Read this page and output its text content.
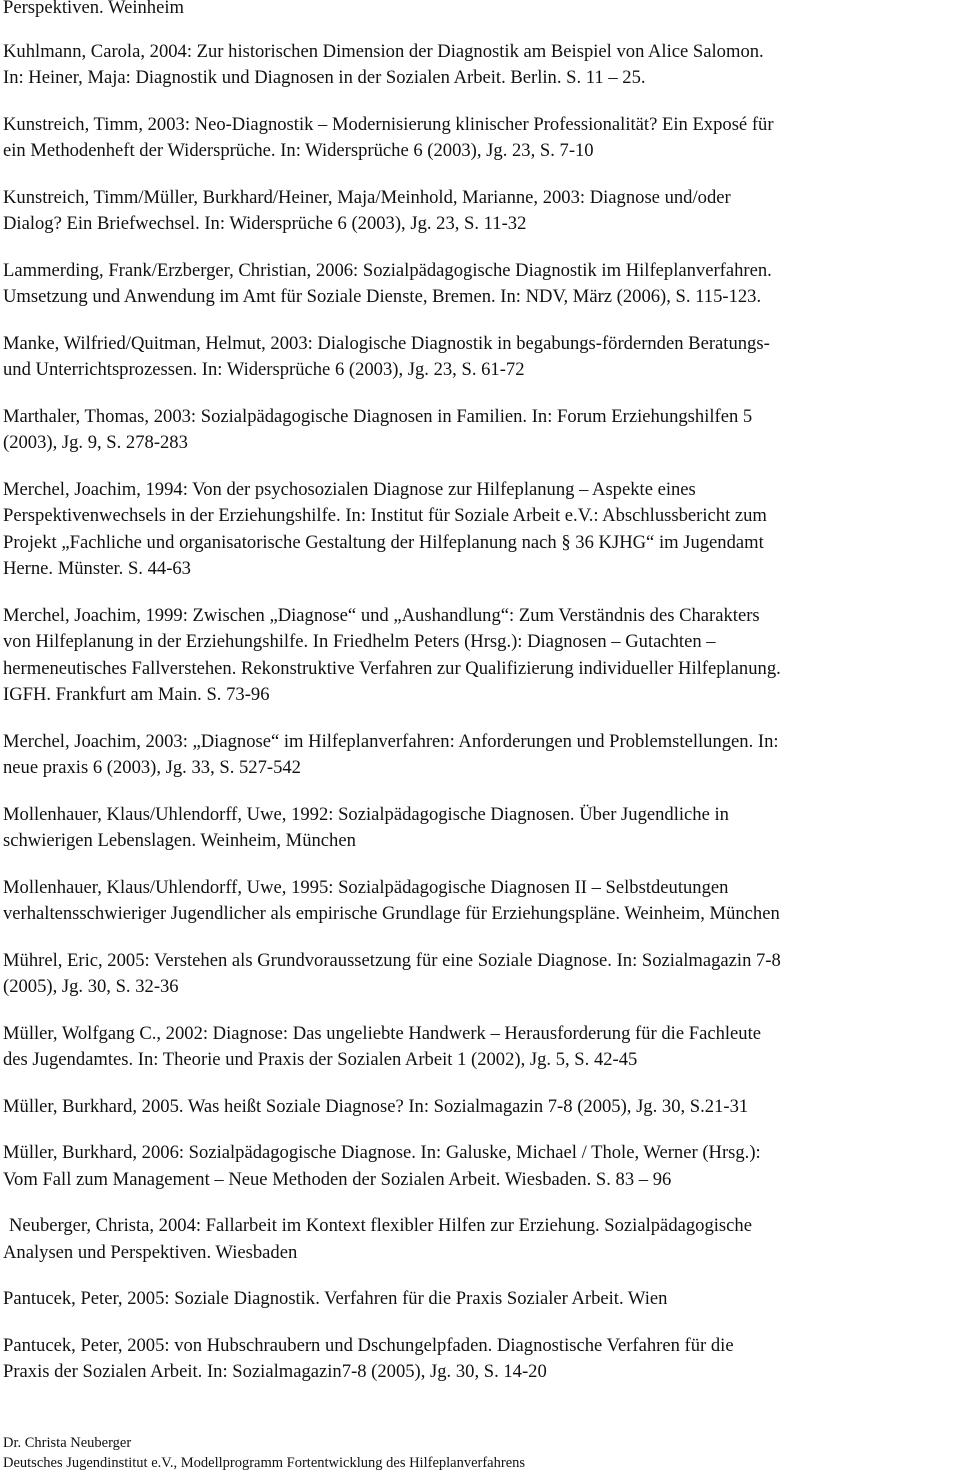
Perspektiven. Weinheim
Kuhlmann, Carola, 2004: Zur historischen Dimension der Diagnostik am Beispiel von Alice Salomon.
In: Heiner, Maja: Diagnostik und Diagnosen in der Sozialen Arbeit. Berlin. S. 11 – 25.
Kunstreich, Timm, 2003: Neo-Diagnostik – Modernisierung klinischer Professionalität? Ein Exposé für
ein Methodenheft der Widersprüche. In: Widersprüche 6 (2003), Jg. 23, S. 7-10
Kunstreich, Timm/Müller, Burkhard/Heiner, Maja/Meinhold, Marianne, 2003: Diagnose und/oder
Dialog? Ein Briefwechsel. In: Widersprüche 6 (2003), Jg. 23, S. 11-32
Lammerding, Frank/Erzberger, Christian, 2006: Sozialpädagogische Diagnostik im Hilfeplanverfahren.
Umsetzung und Anwendung im Amt für Soziale Dienste, Bremen. In: NDV, März (2006), S. 115-123.
Manke, Wilfried/Quitman, Helmut, 2003: Dialogische Diagnostik in begabungs-fördernden Beratungs-
und Unterrichtsprozessen. In: Widersprüche 6 (2003), Jg. 23, S. 61-72
Marthaler, Thomas, 2003: Sozialpädagogische Diagnosen in Familien. In: Forum Erziehungshilfen 5
(2003), Jg. 9, S. 278-283
Merchel, Joachim, 1994: Von der psychosozialen Diagnose zur Hilfeplanung – Aspekte eines
Perspektivenwechsels in der Erziehungshilfe. In: Institut für Soziale Arbeit e.V.: Abschlussbericht zum
Projekt „Fachliche und organisatorische Gestaltung der Hilfeplanung nach § 36 KJHG“ im Jugendamt
Herne. Münster. S. 44-63
Merchel, Joachim, 1999: Zwischen „Diagnose“ und „Aushandlung“: Zum Verständnis des Charakters
von Hilfeplanung in der Erziehungshilfe. In Friedhelm Peters (Hrsg.): Diagnosen – Gutachten –
hermeneutisches Fallverstehen. Rekonstruktive Verfahren zur Qualifizierung individueller Hilfeplanung.
IGFH. Frankfurt am Main. S. 73-96
Merchel, Joachim, 2003: „Diagnose“ im Hilfeplanverfahren: Anforderungen und Problemstellungen. In:
neue praxis 6 (2003), Jg. 33, S. 527-542
Mollenhauer, Klaus/Uhlendorff, Uwe, 1992: Sozialpädagogische Diagnosen. Über Jugendliche in
schwierigen Lebenslagen. Weinheim, München
Mollenhauer, Klaus/Uhlendorff, Uwe, 1995: Sozialpädagogische Diagnosen II – Selbstdeutungen
verhaltensschwieriger Jugendlicher als empirische Grundlage für Erziehungspläne. Weinheim, München
Mührel, Eric, 2005: Verstehen als Grundvoraussetzung für eine Soziale Diagnose. In: Sozialmagazin 7-8
(2005), Jg. 30, S. 32-36
Müller, Wolfgang C., 2002: Diagnose: Das ungeliebte Handwerk – Herausforderung für die Fachleute
des Jugendamtes. In: Theorie und Praxis der Sozialen Arbeit 1 (2002), Jg. 5, S. 42-45
Müller, Burkhard, 2005. Was heißt Soziale Diagnose? In: Sozialmagazin 7-8 (2005), Jg. 30, S.21-31
Müller, Burkhard, 2006: Sozialpädagogische Diagnose. In: Galuske, Michael / Thole, Werner (Hrsg.):
Vom Fall zum Management – Neue Methoden der Sozialen Arbeit. Wiesbaden. S. 83 – 96
Neuberger, Christa, 2004: Fallarbeit im Kontext flexibler Hilfen zur Erziehung. Sozialpädagogische
Analysen und Perspektiven. Wiesbaden
Pantucek, Peter, 2005: Soziale Diagnostik. Verfahren für die Praxis Sozialer Arbeit. Wien
Pantucek, Peter, 2005: von Hubschraubern und Dschungelpfaden. Diagnostische Verfahren für die
Praxis der Sozialen Arbeit. In: Sozialmagazin7-8 (2005), Jg. 30, S. 14-20
Dr. Christa Neuberger
Deutsches Jugendinstitut e.V., Modellprogramm Fortentwicklung des Hilfeplanverfahrens
